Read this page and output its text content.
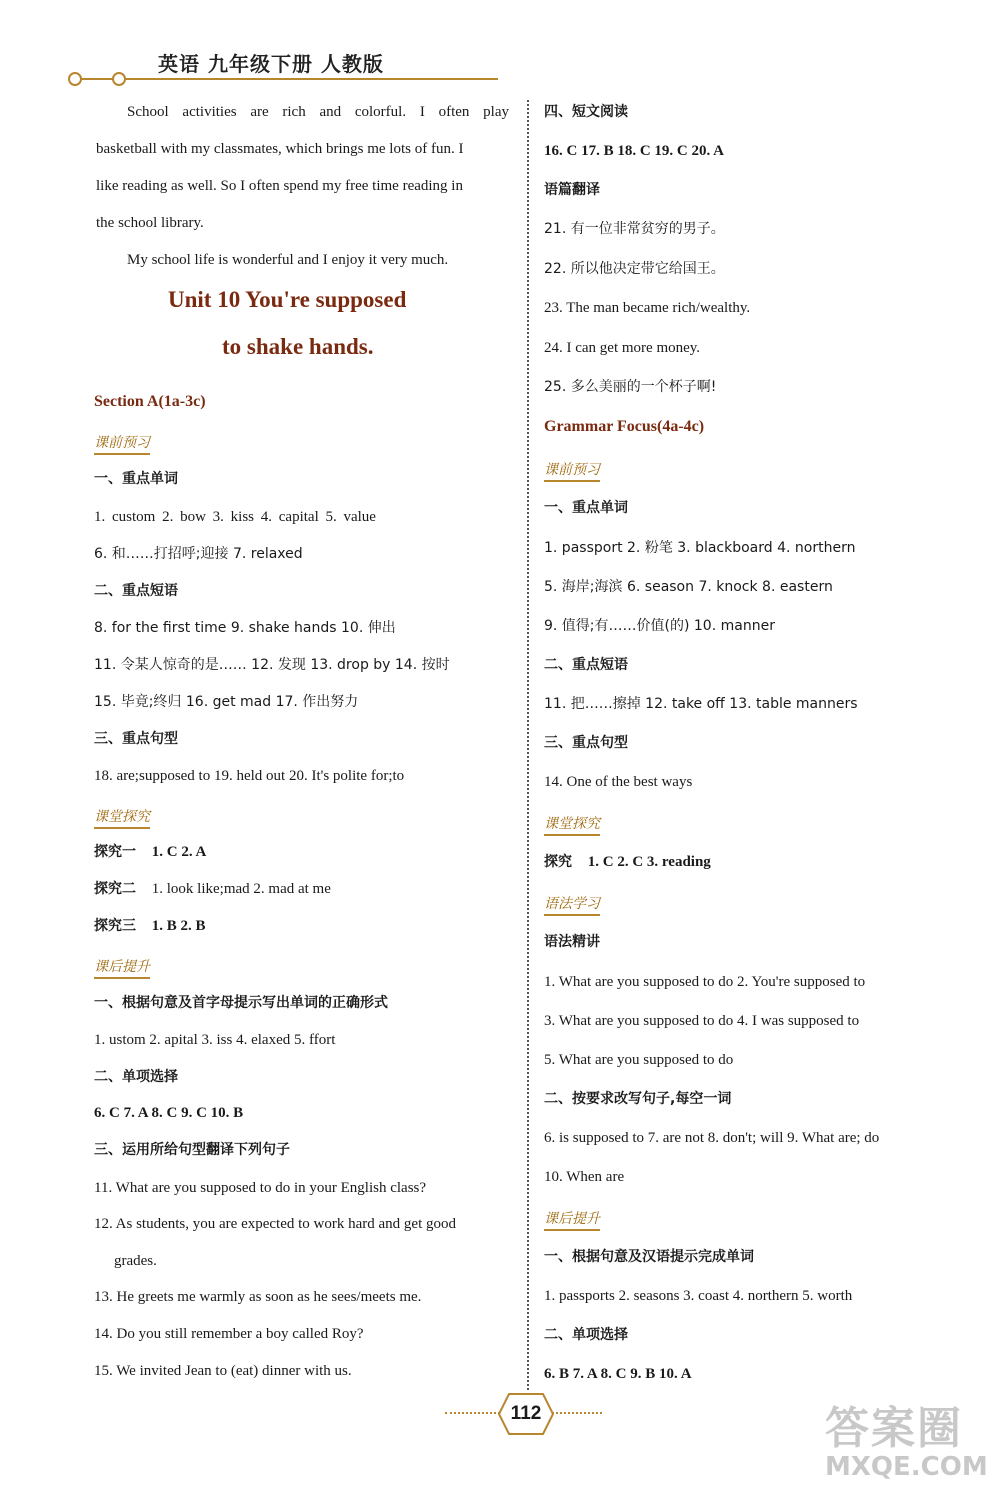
英语 九年级下册 人教版
School activities are rich and colorful. I often play
basketball with my classmates, which brings me lots of fun. I
like reading as well. So I often spend my free time reading in
the school library.
My school life is wonderful and I enjoy it very much.
Unit 10 You're supposed
to shake hands.
Section A(1a-3c)
课前预习
一、重点单词
1. custom 2. bow 3. kiss 4. capital 5. value
6. 和……打招呼;迎接 7. relaxed
二、重点短语
8. for the first time 9. shake hands 10. 伸出
11. 令某人惊奇的是…… 12. 发现 13. drop by 14. 按时
15. 毕竟;终归 16. get mad 17. 作出努力
三、重点句型
18. are;supposed to 19. held out 20. It's polite for;to
课堂探究
探究一 1. C 2. A
探究二 1. look like;mad 2. mad at me
探究三 1. B 2. B
课后提升
一、根据句意及首字母提示写出单词的正确形式
1. ustom 2. apital 3. iss 4. elaxed 5. ffort
二、单项选择
6. C 7. A 8. C 9. C 10. B
三、运用所给句型翻译下列句子
11. What are you supposed to do in your English class?
12. As students, you are expected to work hard and get good
grades.
13. He greets me warmly as soon as he sees/meets me.
14. Do you still remember a boy called Roy?
15. We invited Jean to (eat) dinner with us.
四、短文阅读
16. C 17. B 18. C 19. C 20. A
语篇翻译
21. 有一位非常贫穷的男子。
22. 所以他决定带它给国王。
23. The man became rich/wealthy.
24. I can get more money.
25. 多么美丽的一个杯子啊!
Grammar Focus(4a-4c)
课前预习
一、重点单词
1. passport 2. 粉笔 3. blackboard 4. northern
5. 海岸;海滨 6. season 7. knock 8. eastern
9. 值得;有……价值(的) 10. manner
二、重点短语
11. 把……擦掉 12. take off 13. table manners
三、重点句型
14. One of the best ways
课堂探究
探究 1. C 2. C 3. reading
语法学习
语法精讲
1. What are you supposed to do 2. You're supposed to
3. What are you supposed to do 4. I was supposed to
5. What are you supposed to do
二、按要求改写句子,每空一词
6. is supposed to 7. are not 8. don't; will 9. What are; do
10. When are
课后提升
一、根据句意及汉语提示完成单词
1. passports 2. seasons 3. coast 4. northern 5. worth
二、单项选择
6. B 7. A 8. C 9. B 10. A
112	答案圈
MXQE.COM
